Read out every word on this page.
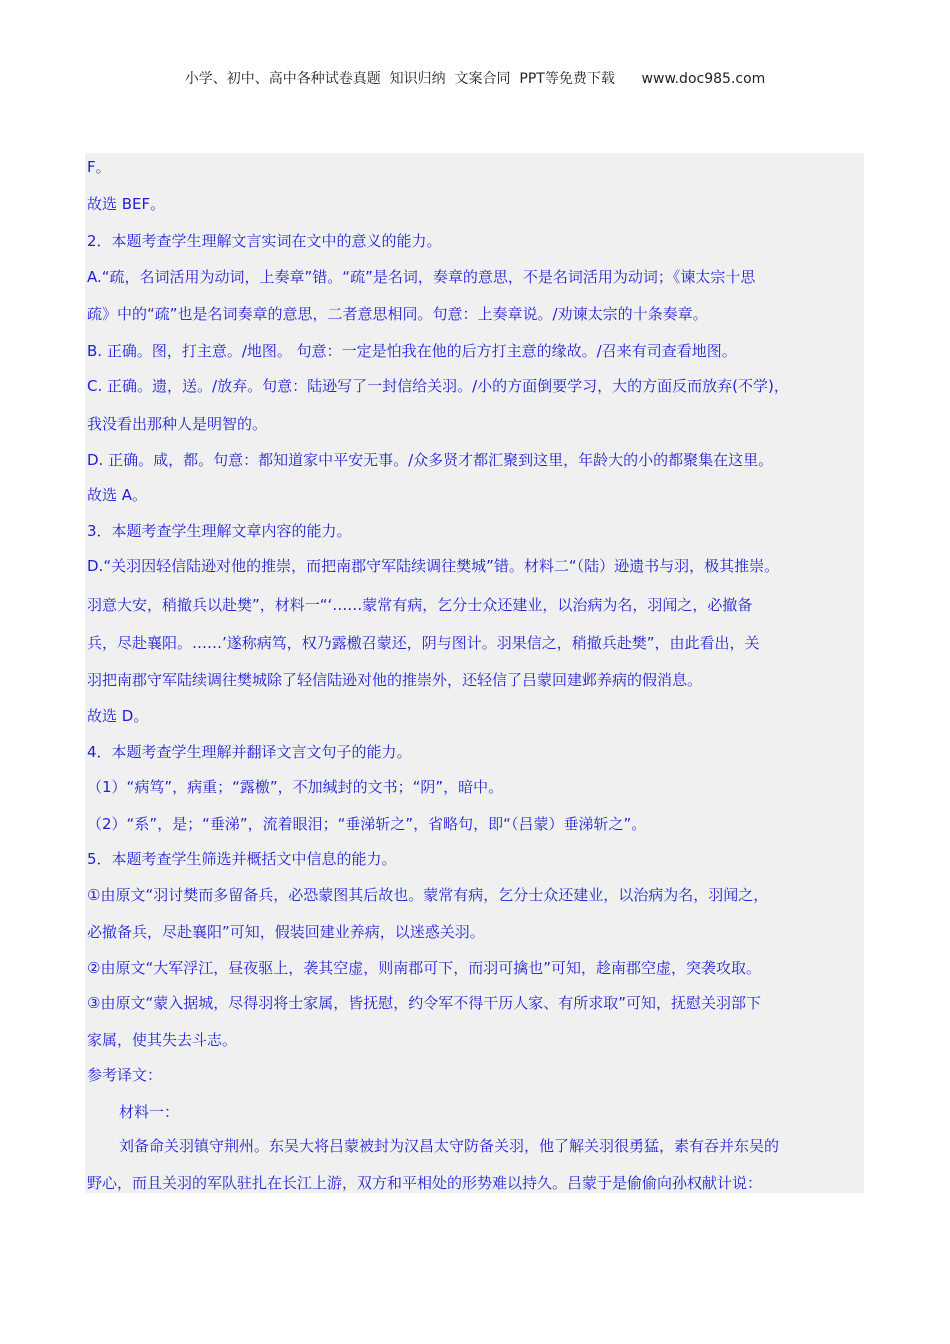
小学、初中、高中各种试卷真题  知识归纳  文案合同  PPT等免费下载      www.doc985.com
F。
故选 BEF。
2．本题考查学生理解文言实词在文中的意义的能力。
A.“疏，名词活用为动词，上奏章”错。“疏”是名词，奏章的意思，不是名词活用为动词；《谏太宗十思
疏》中的“疏”也是名词奏章的意思，二者意思相同。句意：上奏章说。/劝谏太宗的十条奏章。
B. 正确。图，打主意。/地图。 句意：一定是怕我在他的后方打主意的缘故。/召来有司查看地图。
C. 正确。遗，送。/放弃。句意：陆逊写了一封信给关羽。/小的方面倒要学习，大的方面反而放弃(不学)，
我没看出那种人是明智的。
D. 正确。咸，都。句意：都知道家中平安无事。/众多贤才都汇聚到这里，年龄大的小的都聚集在这里。
故选 A。
3．本题考查学生理解文章内容的能力。
D.“关羽因轻信陆逊对他的推崇，而把南郡守军陆续调往樊城”错。材料二“（陆）逊遗书与羽，极其推崇。
羽意大安，稍撤兵以赴樊”，材料一“‘……蒙常有病，乞分士众还建业，以治病为名，羽闻之，必撤备
兵，尽赴襄阳。……’遂称病笃，权乃露檄召蒙还，阴与图计。羽果信之，稍撤兵赴樊”，由此看出，关
羽把南郡守军陆续调往樊城除了轻信陆逊对他的推崇外，还轻信了吕蒙回建邺养病的假消息。
故选 D。
4．本题考查学生理解并翻译文言文句子的能力。
（1）“病笃”，病重；“露檄”，不加缄封的文书；“阴”，暗中。
（2）“系”，是；“垂涕”，流着眼泪；“垂涕斩之”，省略句，即“（吕蒙）垂涕斩之”。
5．本题考查学生筛选并概括文中信息的能力。
①由原文“羽讨樊而多留备兵，必恐蒙图其后故也。蒙常有病，乞分士众还建业，以治病为名，羽闻之，
必撤备兵，尽赴襄阳”可知，假装回建业养病，以迷惑关羽。
②由原文“大军浮江，昼夜驱上，袭其空虚，则南郡可下，而羽可擒也”可知，趁南郡空虚，突袭攻取。
③由原文“蒙入据城，尽得羽将士家属，皆抚慰，约令军不得干历人家、有所求取”可知，抚慰关羽部下
家属，使其失去斗志。
参考译文：
材料一：
刘备命关羽镇守荆州。东吴大将吕蒙被封为汉昌太守防备关羽，他了解关羽很勇猛，素有吞并东吴的
野心，而且关羽的军队驻扎在长江上游，双方和平相处的形势难以持久。吕蒙于是偷偷向孙权献计说：
